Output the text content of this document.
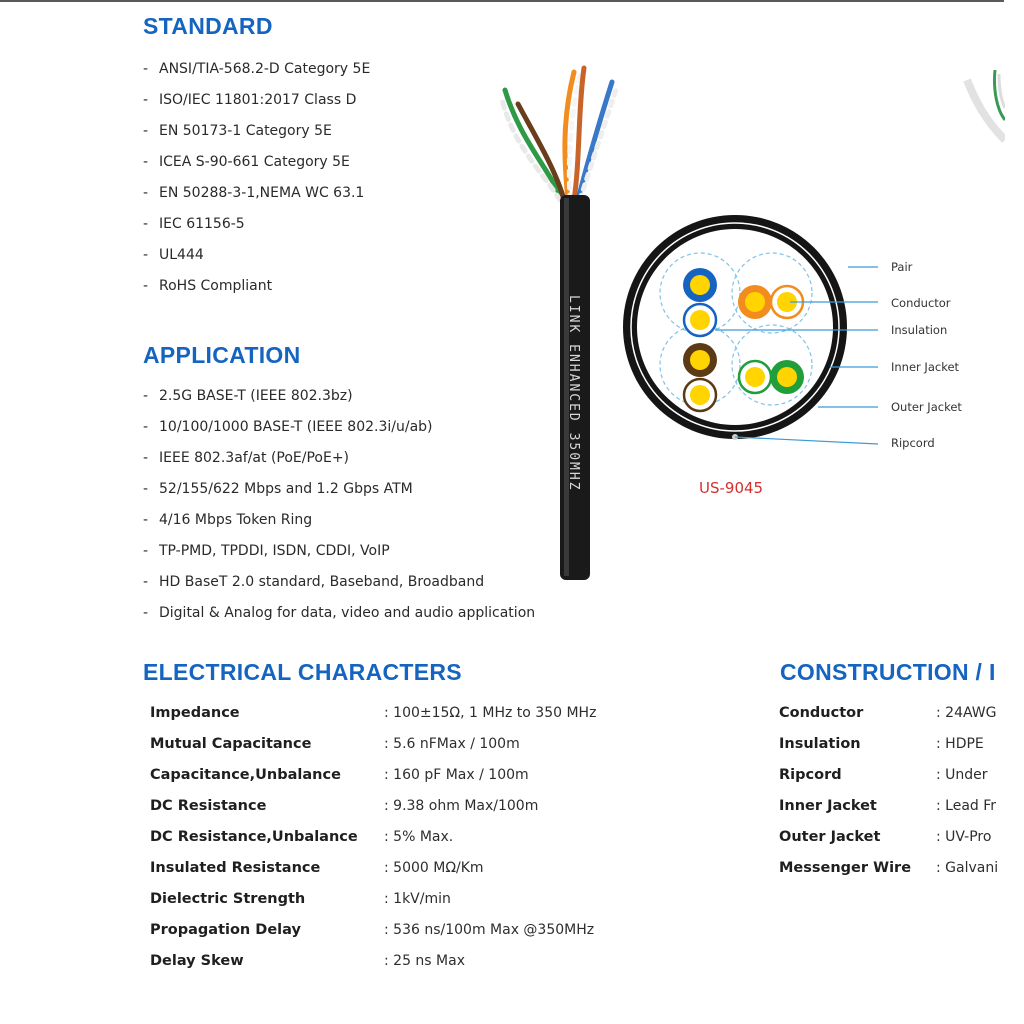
STANDARD
- ANSI/TIA-568.2-D Category 5E
- ISO/IEC 11801:2017 Class D
- EN 50173-1 Category 5E
- ICEA S-90-661 Category 5E
- EN 50288-3-1,NEMA WC 63.1
- IEC 61156-5
- UL444
- RoHS Compliant
APPLICATION
- 2.5G BASE-T (IEEE 802.3bz)
- 10/100/1000 BASE-T (IEEE 802.3i/u/ab)
- IEEE 802.3af/at (PoE/PoE+)
- 52/155/622 Mbps and 1.2 Gbps ATM
- 4/16 Mbps Token Ring
- TP-PMD, TPDDI, ISDN, CDDI, VoIP
- HD BaseT 2.0 standard, Baseband, Broadband
- Digital & Analog for data, video and audio application
LINK ENHANCED 350MHZ
Pair
Conductor
Insulation
Inner Jacket
Outer Jacket
Ripcord
US-9045
ELECTRICAL CHARACTERS
Impedance	: 100±15Ω, 1 MHz to 350 MHz
Mutual Capacitance	: 5.6 nFMax / 100m
Capacitance,Unbalance	: 160 pF Max / 100m
DC Resistance	: 9.38 ohm Max/100m
DC Resistance,Unbalance : 5% Max.
Insulated Resistance	: 5000 MΩ/Km
Dielectric Strength	: 1kV/min
Propagation Delay	: 536 ns/100m Max @350MHz
Delay Skew	: 25 ns Max
CONSTRUCTION / I
Conductor	: 24AWG
Insulation	: HDPE
Ripcord	: Under
Inner Jacket	: Lead Fr
Outer Jacket	: UV-Pro
Messenger Wire : Galvani
